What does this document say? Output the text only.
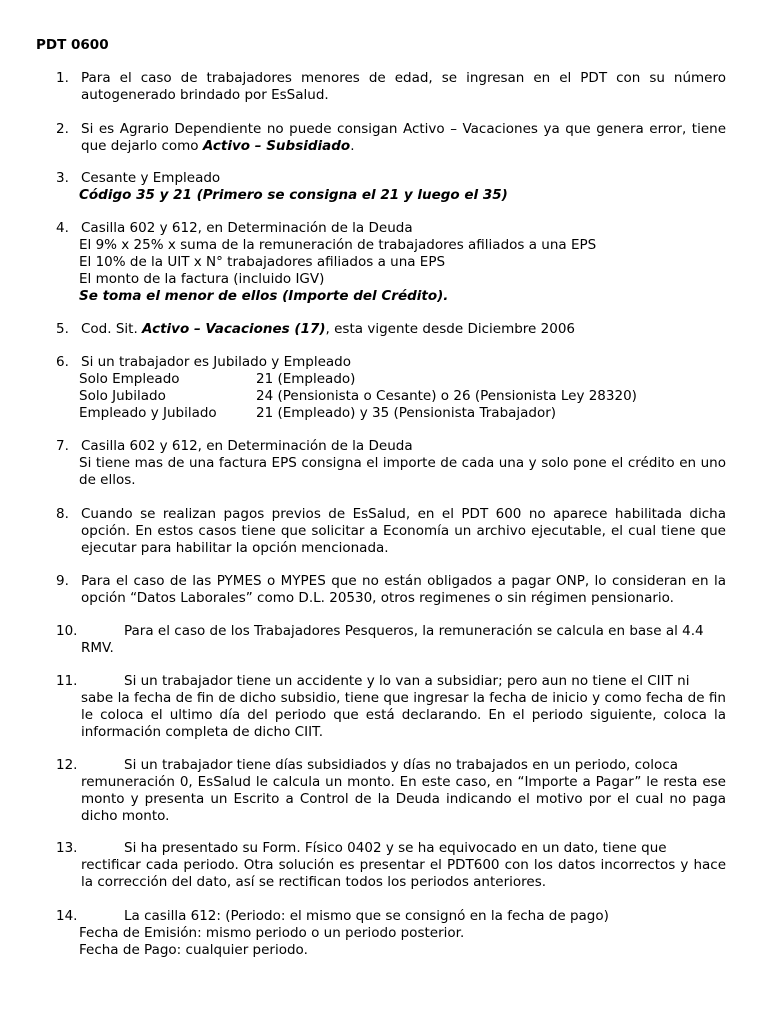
PDT 0600
1. Para el caso de trabajadores menores de edad, se ingresan en el PDT con su número autogenerado brindado por EsSalud.
2. Si es Agrario Dependiente no puede consigan Activo – Vacaciones ya que genera error, tiene que dejarlo como Activo – Subsidiado.
3. Cesante y Empleado
Código 35 y 21 (Primero se consigna el 21 y luego el 35)
4. Casilla 602 y 612, en Determinación de la Deuda
El 9% x 25% x suma de la remuneración de trabajadores afiliados a una EPS
El 10% de la UIT x N° trabajadores afiliados a una EPS
El monto de la factura (incluido IGV)
Se toma el menor de ellos (Importe del Crédito).
5. Cod. Sit. Activo – Vacaciones (17), esta vigente desde Diciembre 2006
6. Si un trabajador es Jubilado y Empleado
Solo Empleado	21 (Empleado)
Solo Jubilado	24 (Pensionista o Cesante) o 26 (Pensionista Ley 28320)
Empleado y Jubilado	21 (Empleado) y 35 (Pensionista Trabajador)
7. Casilla 602 y 612, en Determinación de la Deuda
Si tiene mas de una factura EPS consigna el importe de cada una y solo pone el crédito en uno de ellos.
8. Cuando se realizan pagos previos de EsSalud, en el PDT 600 no aparece habilitada dicha opción. En estos casos tiene que solicitar a Economía un archivo ejecutable, el cual tiene que ejecutar para habilitar la opción mencionada.
9. Para el caso de las PYMES o MYPES que no están obligados a pagar ONP, lo consideran en la opción “Datos Laborales” como D.L. 20530, otros regimenes o sin régimen pensionario.
10.	Para el caso de los Trabajadores Pesqueros, la remuneración se calcula en base al 4.4
RMV.
11.	Si un trabajador tiene un accidente y lo van a subsidiar; pero aun no tiene el CIIT ni
sabe la fecha de fin de dicho subsidio, tiene que ingresar la fecha de inicio y como fecha de fin le coloca el ultimo día del periodo que está declarando. En el periodo siguiente, coloca la información completa de dicho CIIT.
12.	Si un trabajador tiene días subsidiados y días no trabajados en un periodo, coloca
remuneración 0, EsSalud le calcula un monto. En este caso, en “Importe a Pagar” le resta ese monto y presenta un Escrito a Control de la Deuda indicando el motivo por el cual no paga dicho monto.
13.	Si ha presentado su Form. Físico 0402 y se ha equivocado en un dato, tiene que
rectificar cada periodo. Otra solución es presentar el PDT600 con los datos incorrectos y hace la corrección del dato, así se rectifican todos los periodos anteriores.
14.	La casilla 612: (Periodo: el mismo que se consignó en la fecha de pago)
Fecha de Emisión: mismo periodo o un periodo posterior.
Fecha de Pago: cualquier periodo.
